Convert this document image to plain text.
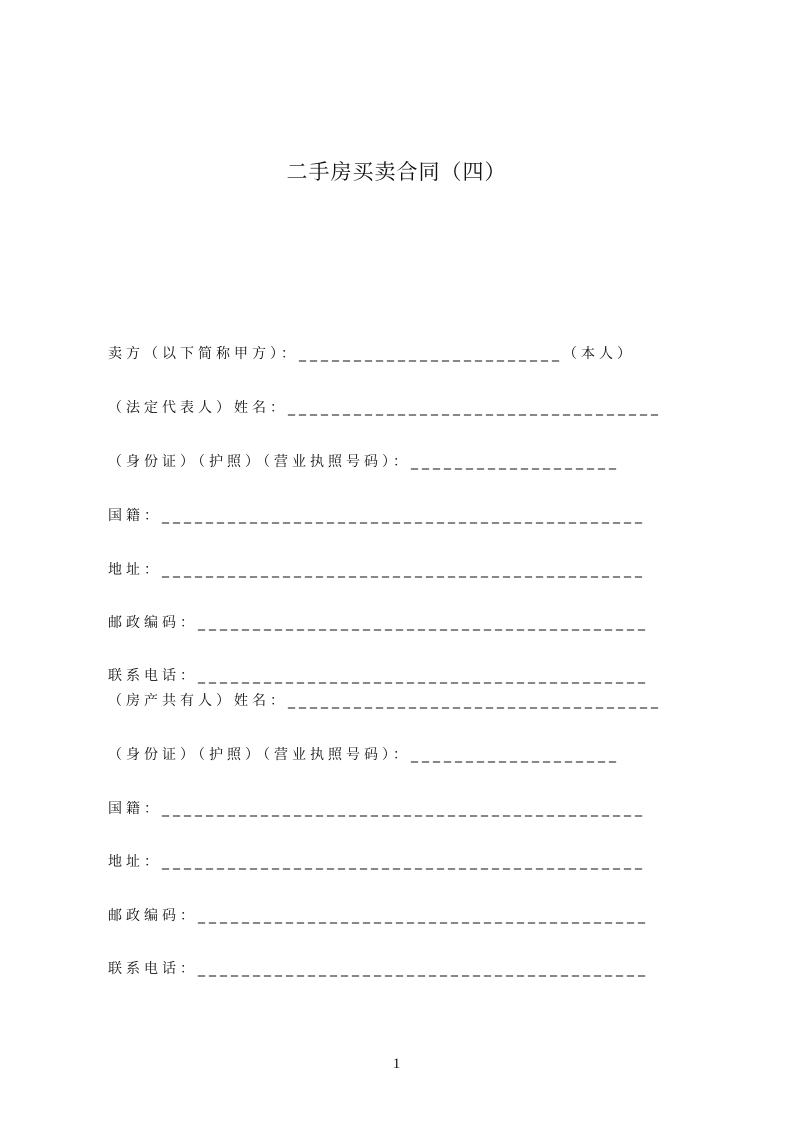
二手房买卖合同（四）
卖方（以下简称甲方）：________________________（本人）
（法定代表人）姓名：__________________________________
（身份证）（护照）（营业执照号码）：___________________
国籍：____________________________________________
地址：____________________________________________
邮政编码：_________________________________________
联系电话：_________________________________________
（房产共有人）姓名：__________________________________
（身份证）（护照）（营业执照号码）：___________________
国籍：____________________________________________
地址：____________________________________________
邮政编码：_________________________________________
联系电话：_________________________________________
1
